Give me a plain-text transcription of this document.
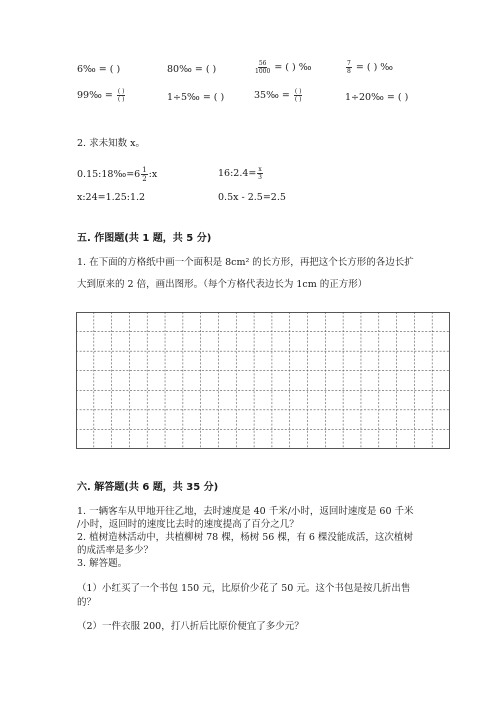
6‰ = ( )	80‰ = ( )	$\frac{56}{1000}$ = ( ) ‰	$\frac{7}{8}$ = ( ) ‰
99‰ = $\frac{( )}{( )}$	1÷5‰ = ( )	35‰ = $\frac{( )}{( )}$	1÷20‰ = ( )
2. 求未知数 x。
0.15:18‰=6 $\frac{1}{2}$ :x	16:2.4= $\frac{x}{3}$
x:24=1.25:1.2	0.5x - 2.5=2.5
五. 作图题(共 1 题，共 5 分)
1. 在下面的方格纸中画一个面积是 8cm² 的长方形，再把这个长方形的各边长扩
大到原来的 2 倍，画出图形。（每个方格代表边长为 1cm 的正方形）
六. 解答题(共 6 题，共 35 分)
1. 一辆客车从甲地开往乙地，去时速度是 40 千米/小时，返回时速度是 60 千米
/小时，返回时的速度比去时的速度提高了百分之几？
2. 植树造林活动中，共植柳树 78 棵，杨树 56 棵，有 6 棵没能成活，这次植树
的成活率是多少？
3. 解答题。
（1）小红买了一个书包 150 元，比原价少花了 50 元。这个书包是按几折出售
的？
（2）一件衣服 200，打八折后比原价便宜了多少元？
